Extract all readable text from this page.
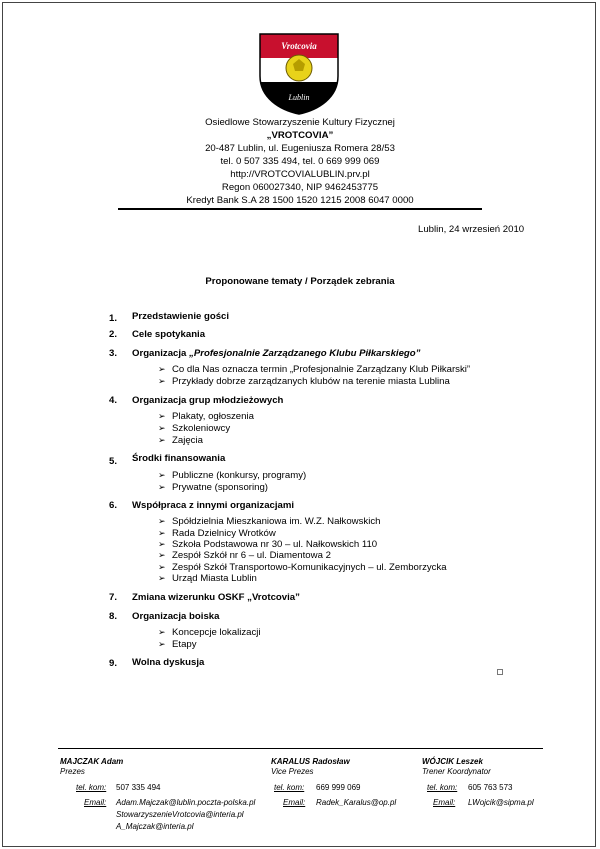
Vrotcovia
Lublin
Osiedlowe Stowarzyszenie Kultury Fizycznej
„VROTCOVIA”
20-487 Lublin, ul. Eugeniusza Romera 28/53
tel. 0 507 335 494, tel. 0 669 999 069
http://VROTCOVIALUBLIN.prv.pl
Regon 060027340, NIP 9462453775
Kredyt Bank S.A 28 1500 1520 1215 2008 6047 0000
Lublin, 24 wrzesień 2010
Proponowane tematy / Porządek zebrania
1. Przedstawienie gości
2. Cele spotykania
3. Organizacja „Profesjonalnie Zarządzanego Klubu Piłkarskiego”
➢ Co dla Nas oznacza termin „Profesjonalnie Zarządzany Klub Piłkarski”
➢ Przykłady dobrze zarządzanych klubów na terenie miasta Lublina
4. Organizacja grup młodzieżowych
➢ Plakaty, ogłoszenia
➢ Szkoleniowcy
➢ Zajęcia
5. Środki finansowania
➢ Publiczne (konkursy, programy)
➢ Prywatne (sponsoring)
6. Współpraca z innymi organizacjami
➢ Spółdzielnia Mieszkaniowa im. W.Z. Nałkowskich
➢ Rada Dzielnicy Wrotków
➢ Szkoła Podstawowa nr 30 – ul. Nałkowskich 110
➢ Zespół Szkół nr 6 – ul. Diamentowa 2
➢ Zespół Szkół Transportowo-Komunikacyjnych – ul. Zemborzycka
➢ Urząd Miasta Lublin
7. Zmiana wizerunku OSKF „Vrotcovia”
8. Organizacja boiska
➢ Koncepcje lokalizacji
➢ Etapy
9. Wolna dyskusja
MAJCZAK Adam
Prezes
tel. kom: 507 335 494
Email: Adam.Majczak@lublin.poczta-polska.pl
StowarzyszenieVrotcovia@interia.pl
A_Majczak@interia.pl
KARALUS Radosław
Vice Prezes
tel. kom: 669 999 069
Email: Radek_Karalus@op.pl
WÓJCIK Leszek
Trener Koordynator
tel. kom: 605 763 573
Email: LWojcik@sipma.pl
